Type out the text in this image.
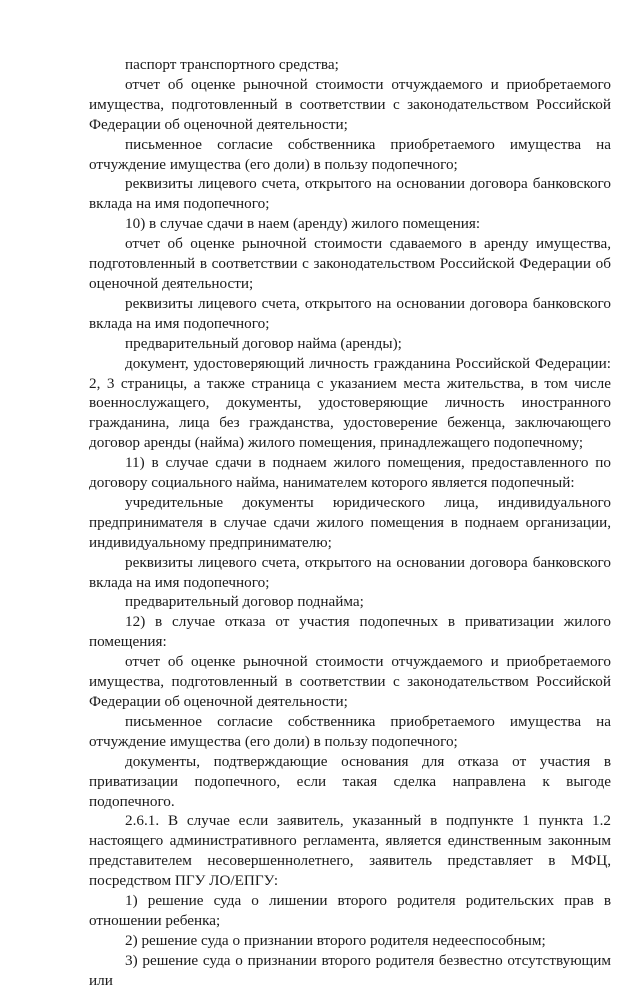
паспорт транспортного средства;

отчет об оценке рыночной стоимости отчуждаемого и приобретаемого имущества, подготовленный в соответствии с законодательством Российской Федерации об оценочной деятельности;

письменное согласие собственника приобретаемого имущества на отчуждение имущества (его доли) в пользу подопечного;

реквизиты лицевого счета, открытого на основании договора банковского вклада на имя подопечного;

10) в случае сдачи в наем (аренду) жилого помещения:

отчет об оценке рыночной стоимости сдаваемого в аренду имущества, подготовленный в соответствии с законодательством Российской Федерации об оценочной деятельности;

реквизиты лицевого счета, открытого на основании договора банковского вклада на имя подопечного;

предварительный договор найма (аренды);

документ, удостоверяющий личность гражданина Российской Федерации: 2, 3 страницы, а также страница с указанием места жительства, в том числе военнослужащего, документы, удостоверяющие личность иностранного гражданина, лица без гражданства, удостоверение беженца, заключающего договор аренды (найма) жилого помещения, принадлежащего подопечному;

11) в случае сдачи в поднаем жилого помещения, предоставленного по договору социального найма, нанимателем которого является подопечный:

учредительные документы юридического лица, индивидуального предпринимателя в случае сдачи жилого помещения в поднаем организации, индивидуальному предпринимателю;

реквизиты лицевого счета, открытого на основании договора банковского вклада на имя подопечного;

предварительный договор поднайма;

12) в случае отказа от участия подопечных в приватизации жилого помещения:

отчет об оценке рыночной стоимости отчуждаемого и приобретаемого имущества, подготовленный в соответствии с законодательством Российской Федерации об оценочной деятельности;

письменное согласие собственника приобретаемого имущества на отчуждение имущества (его доли) в пользу подопечного;

документы, подтверждающие основания для отказа от участия в приватизации подопечного, если такая сделка направлена к выгоде подопечного.

2.6.1. В случае если заявитель, указанный в подпункте 1 пункта 1.2 настоящего административного регламента, является единственным законным представителем несовершеннолетнего, заявитель представляет в МФЦ, посредством ПГУ ЛО/ЕПГУ:

1) решение суда о лишении второго родителя родительских прав в отношении ребенка;

2) решение суда о признании второго родителя недееспособным;

3) решение суда о признании второго родителя безвестно отсутствующим или
